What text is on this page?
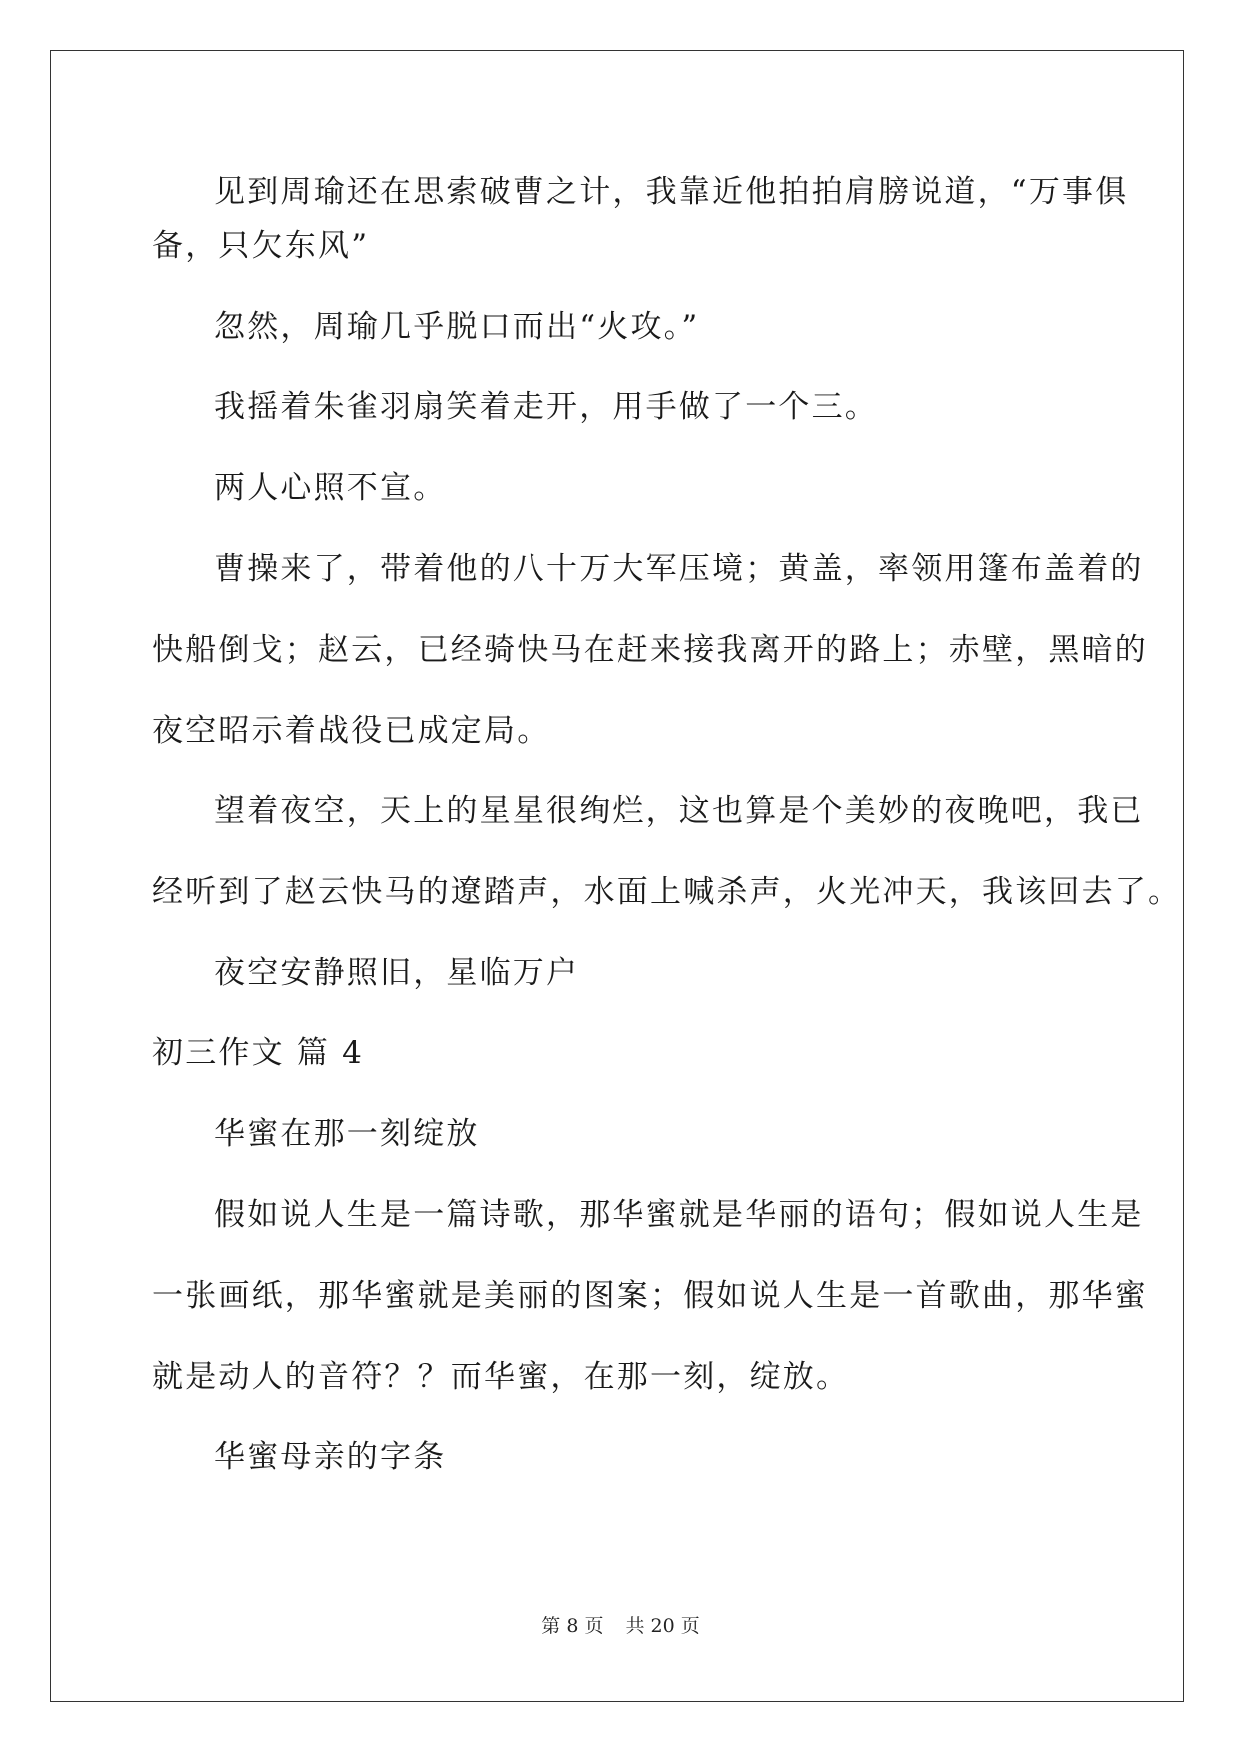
见到周瑜还在思索破曹之计，我靠近他拍拍肩膀说道，“万事俱
备，只欠东风”
忽然，周瑜几乎脱口而出“火攻。”
我摇着朱雀羽扇笑着走开，用手做了一个三。
两人心照不宣。
曹操来了，带着他的八十万大军压境；黄盖，率领用篷布盖着的
快船倒戈；赵云，已经骑快马在赶来接我离开的路上；赤壁，黑暗的
夜空昭示着战役已成定局。
望着夜空，天上的星星很绚烂，这也算是个美妙的夜晚吧，我已
经听到了赵云快马的遼踏声，水面上喊杀声，火光冲天，我该回去了。
夜空安静照旧，星临万户
初三作文 篇 4
华蜜在那一刻绽放
假如说人生是一篇诗歌，那华蜜就是华丽的语句；假如说人生是
一张画纸，那华蜜就是美丽的图案；假如说人生是一首歌曲，那华蜜
就是动人的音符？？而华蜜，在那一刻，绽放。
华蜜母亲的字条
第 8 页 共 20 页
